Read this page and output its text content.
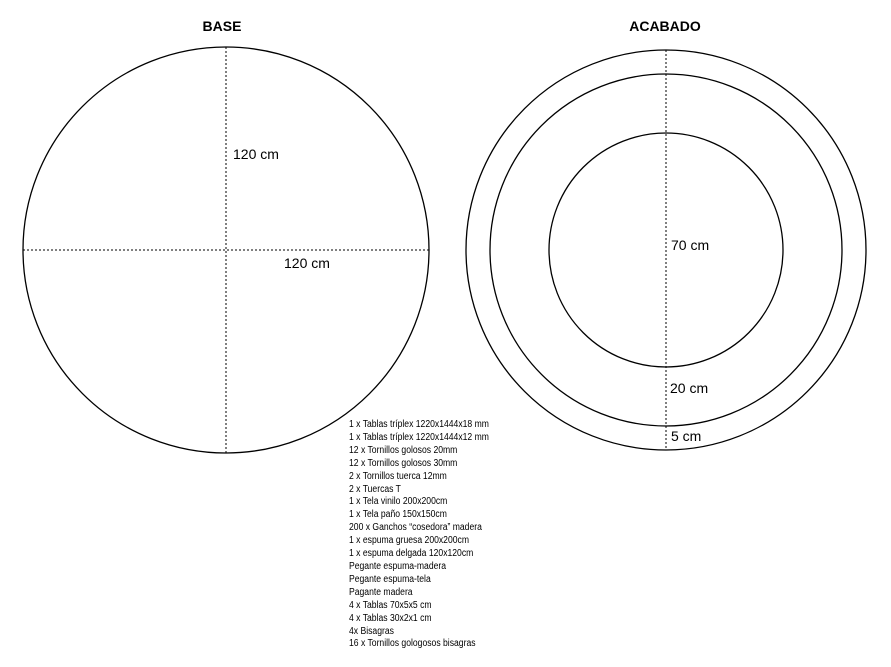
BASE
120 cm
120 cm
ACABADO
70 cm
20 cm
5 cm
1 x Tablas tríplex 1220x1444x18 mm
1 x Tablas tríplex 1220x1444x12 mm
12 x Tornillos golosos 20mm
12 x Tornillos golosos 30mm
2 x Tornillos tuerca 12mm
2 x Tuercas T
1 x Tela vinilo 200x200cm
1 x Tela paño 150x150cm
200 x Ganchos “cosedora” madera
1 x espuma gruesa 200x200cm
1 x espuma delgada 120x120cm
Pegante espuma-madera
Pegante espuma-tela
Pagante madera
4 x Tablas 70x5x5 cm
4 x Tablas 30x2x1 cm
4x Bisagras
16 x Tornillos gologosos bisagras
